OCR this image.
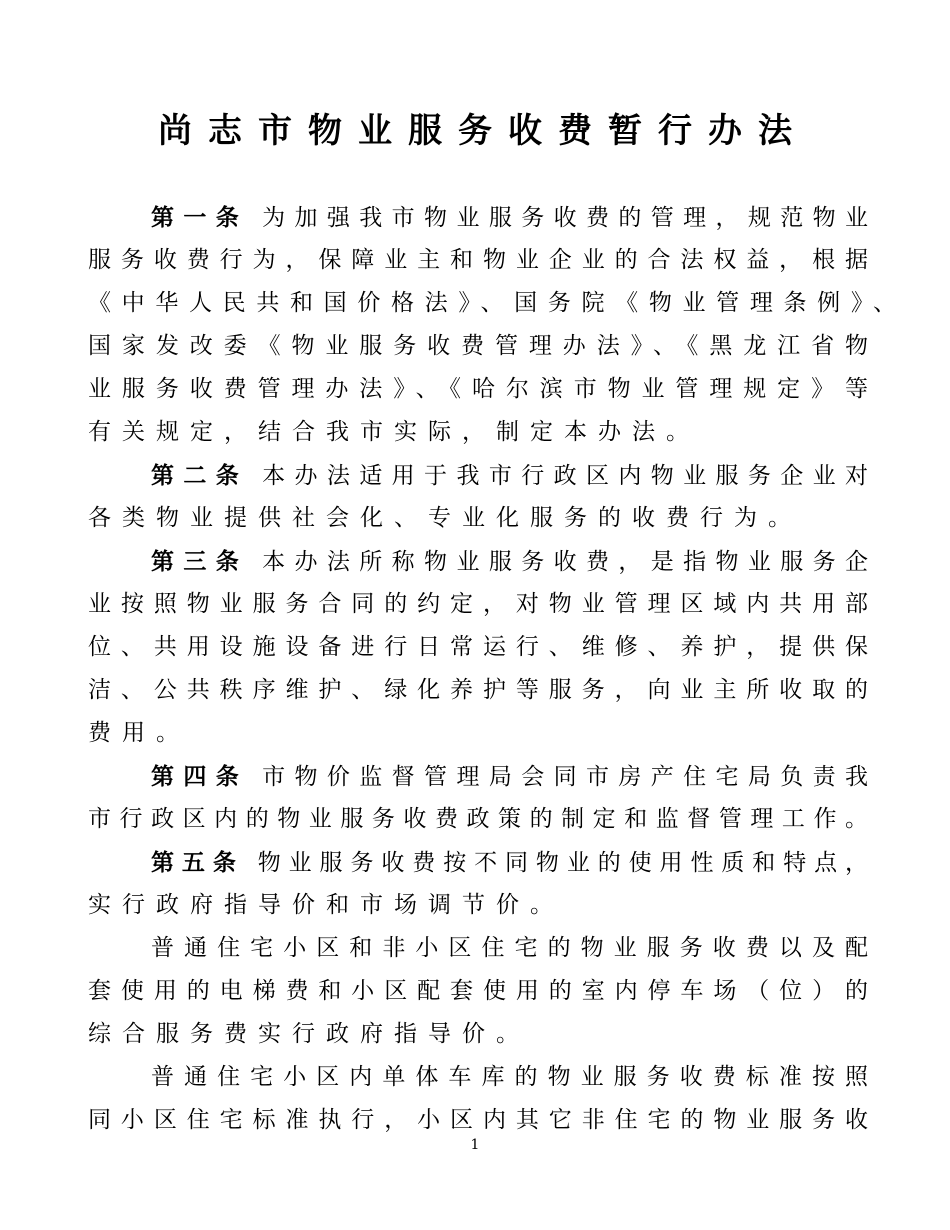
尚志市物业服务收费暂行办法
第一条 为加强我市物业服务收费的管理，规范物业
服务收费行为，保障业主和物业企业的合法权益，根据
《中华人民共和国价格法》、国务院《物业管理条例》、
国家发改委《物业服务收费管理办法》、《黑龙江省物
业服务收费管理办法》、《哈尔滨市物业管理规定》等
有关规定，结合我市实际，制定本办法。
第二条 本办法适用于我市行政区内物业服务企业对
各类物业提供社会化、专业化服务的收费行为。
第三条 本办法所称物业服务收费，是指物业服务企
业按照物业服务合同的约定，对物业管理区域内共用部
位、共用设施设备进行日常运行、维修、养护，提供保
洁、公共秩序维护、绿化养护等服务，向业主所收取的
费用。
第四条 市物价监督管理局会同市房产住宅局负责我
市行政区内的物业服务收费政策的制定和监督管理工作。
第五条 物业服务收费按不同物业的使用性质和特点，
实行政府指导价和市场调节价。
普通住宅小区和非小区住宅的物业服务收费以及配
套使用的电梯费和小区配套使用的室内停车场（位）的
综合服务费实行政府指导价。
普通住宅小区内单体车库的物业服务收费标准按照
同小区住宅标准执行，小区内其它非住宅的物业服务收
1
